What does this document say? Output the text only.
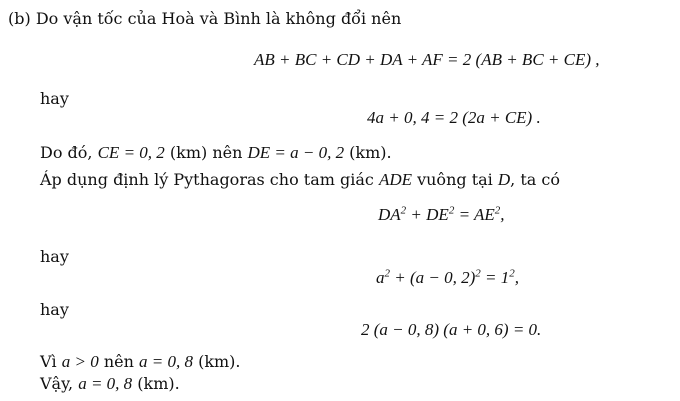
(b) Do vận tốc của Hoà và Bình là không đổi nên
AB + BC + CD + DA + AF = 2 (AB + BC + CE) ,
hay
4a + 0, 4 = 2 (2a + CE) .
Do đó, CE = 0, 2 (km) nên DE = a − 0, 2 (km).
Áp dụng định lý Pythagoras cho tam giác ADE vuông tại D, ta có
$DA^2 + DE^2 = AE^2$,
hay
$a^2 + (a - 0$, $2)^2 = 1^2$,
hay
2 (a − 0, 8) (a + 0, 6) = 0.
Vì a > 0 nên a = 0, 8 (km).
Vậy, a = 0, 8 (km).
